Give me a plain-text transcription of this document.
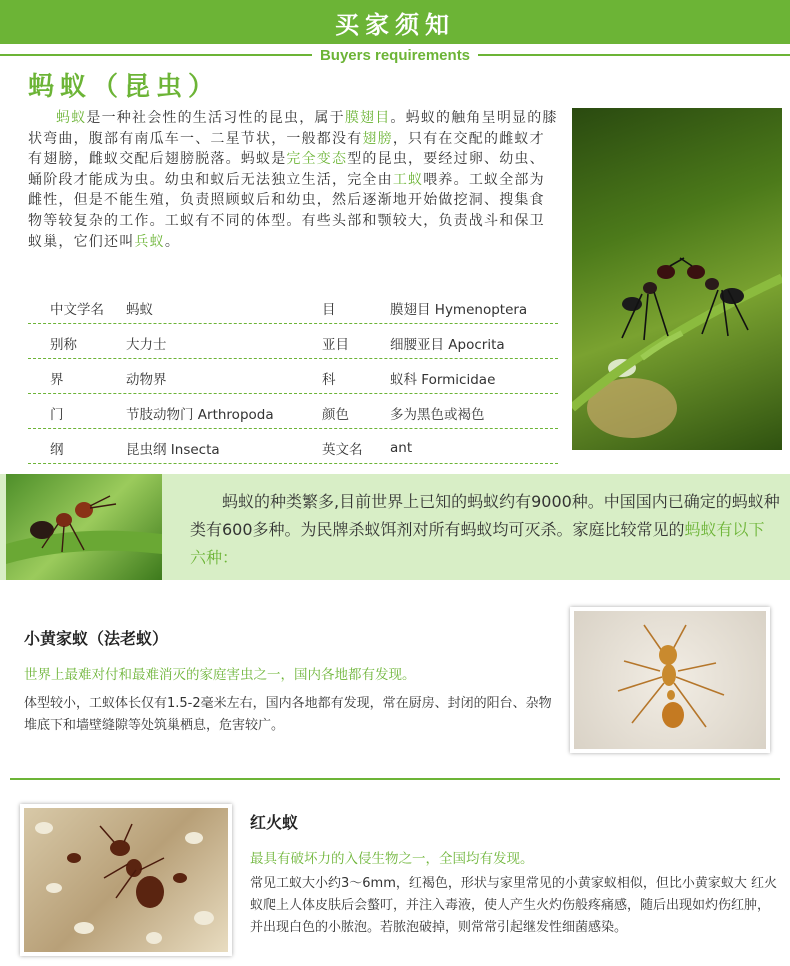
买家须知
Buyers requirements
蚂蚁（昆虫）

蚂蚁是一种社会性的生活习性的昆虫，属于膜翅目。蚂蚁的触角呈明显的膝状弯曲，腹部有南瓜车一、二星节状，一般都没有翅膀，只有在交配的雌蚁才有翅膀，雌蚁交配后翅膀脱落。蚂蚁是完全变态型的昆虫，要经过卵、幼虫、蛹阶段才能成为虫。幼虫和蚁后无法独立生活，完全由工蚁喂养。工蚁全部为雌性，但是不能生殖，负责照顾蚁后和幼虫，然后逐渐地开始做挖洞、搜集食物等较复杂的工作。工蚁有不同的体型。有些头部和颚较大，负责战斗和保卫蚁巢，它们还叫兵蚁。

中文学名	蚂蚁	目	膜翅目 Hymenoptera
别称	大力士	亚目	细腰亚目 Apocrita
界	动物界	科	蚁科 Formicidae
门	节肢动物门 Arthropoda	颜色	多为黑色或褐色
纲	昆虫纲 Insecta	英文名	ant

蚂蚁的种类繁多,目前世界上已知的蚂蚁约有9000种。中国国内已确定的蚂蚁种类有600多种。为民牌杀蚁饵剂对所有蚂蚁均可灭杀。家庭比较常见的蚂蚁有以下六种：

小黄家蚁（法老蚁）
世界上最难对付和最难消灭的家庭害虫之一，国内各地都有发现。
体型较小，工蚁体长仅有1.5-2毫米左右，国内各地都有发现，常在厨房、封闭的阳台、杂物堆底下和墙壁缝隙等处筑巢栖息，危害较广。
红火蚁
最具有破坏力的入侵生物之一，全国均有发现。
常见工蚁大小约3～6mm，红褐色，形状与家里常见的小黄家蚁相似，但比小黄家蚁大 红火蚁爬上人体皮肤后会螯叮，并注入毒液，使人产生火灼伤般疼痛感，随后出现如灼伤红肿，并出现白色的小脓泡。若脓泡破掉，则常常引起继发性细菌感染。
